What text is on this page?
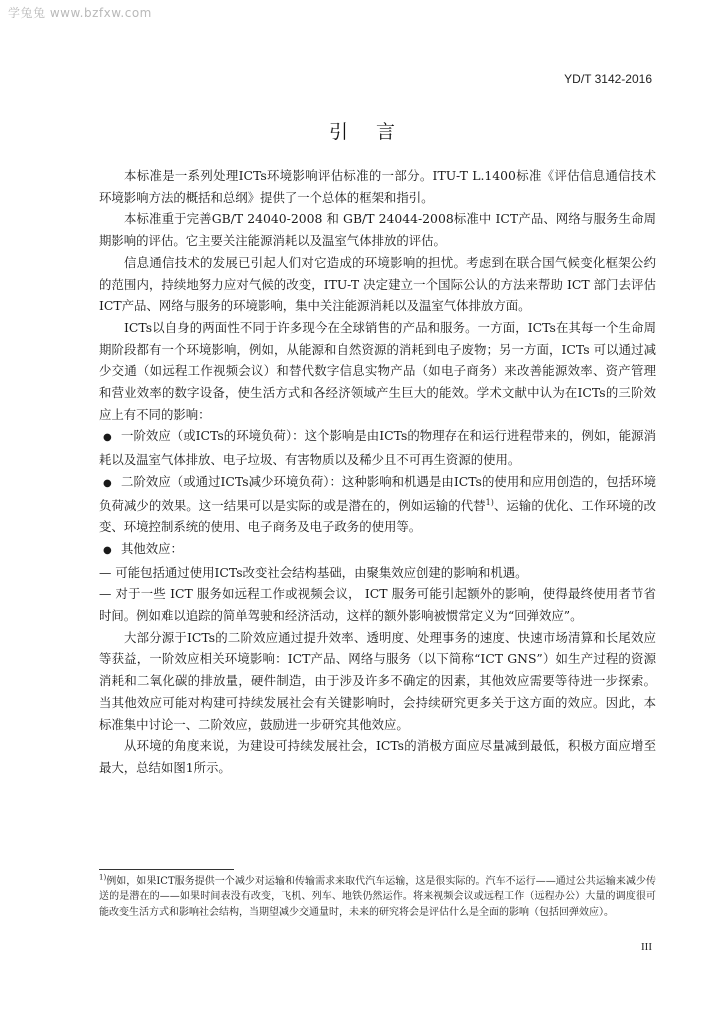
学兔兔 www.bzfxw.com
YD/T 3142-2016
引言

本标准是一系列处理ICTs环境影响评估标准的一部分。ITU-T L.1400标准《评估信息通信技术环境影响方法的概括和总纲》提供了一个总体的框架和指引。

本标准重于完善GB/T 24040-2008 和 GB/T 24044-2008标准中 ICT产品、网络与服务生命周期影响的评估。它主要关注能源消耗以及温室气体排放的评估。

信息通信技术的发展已引起人们对它造成的环境影响的担忧。考虑到在联合国气候变化框架公约的范围内，持续地努力应对气候的改变，ITU-T 决定建立一个国际公认的方法来帮助 ICT 部门去评估 ICT产品、网络与服务的环境影响，集中关注能源消耗以及温室气体排放方面。

ICTs以自身的两面性不同于许多现今在全球销售的产品和服务。一方面，ICTs在其每一个生命周期阶段都有一个环境影响，例如，从能源和自然资源的消耗到电子废物；另一方面，ICTs 可以通过减少交通（如远程工作视频会议）和替代数字信息实物产品（如电子商务）来改善能源效率、资产管理和营业效率的数字设备，使生活方式和各经济领域产生巨大的能效。学术文献中认为在ICTs的三阶效应上有不同的影响：

● 一阶效应（或ICTs的环境负荷）：这个影响是由ICTs的物理存在和运行进程带来的，例如，能源消耗以及温室气体排放、电子垃圾、有害物质以及稀少且不可再生资源的使用。

● 二阶效应（或通过ICTs减少环境负荷）：这种影响和机遇是由ICTs的使用和应用创造的，包括环境负荷减少的效果。这一结果可以是实际的或是潜在的，例如运输的代替$^{1)}$、运输的优化、工作环境的改变、环境控制系统的使用、电子商务及电子政务的使用等。

● 其他效应：

— 可能包括通过使用ICTs改变社会结构基础，由聚集效应创建的影响和机遇。

— 对于一些 ICT 服务如远程工作或视频会议， ICT 服务可能引起额外的影响，使得最终使用者节省时间。例如难以追踪的简单驾驶和经济活动，这样的额外影响被惯常定义为“回弹效应”。

大部分源于ICTs的二阶效应通过提升效率、透明度、处理事务的速度、快速市场清算和长尾效应等获益，一阶效应相关环境影响：ICT产品、网络与服务（以下简称“ICT GNS”）如生产过程的资源消耗和二氧化碳的排放量，硬件制造，由于涉及许多不确定的因素，其他效应需要等待进一步探索。当其他效应可能对构建可持续发展社会有关键影响时，会持续研究更多关于这方面的效应。因此，本标准集中讨论一、二阶效应，鼓励进一步研究其他效应。

从环境的角度来说，为建设可持续发展社会，ICTs的消极方面应尽量减到最低，积极方面应增至最大，总结如图1所示。

$^{1)}$例如，如果ICT服务提供一个减少对运输和传输需求来取代汽车运输，这是很实际的。汽车不运行——通过公共运输来减少传送的是潜在的——如果时间表没有改变，飞机、列车、地铁仍然运作。将来视频会议或远程工作（远程办公）大量的调度很可能改变生活方式和影响社会结构，当期望减少交通量时，未来的研究将会是评估什么是全面的影响（包括回弹效应）。
III
